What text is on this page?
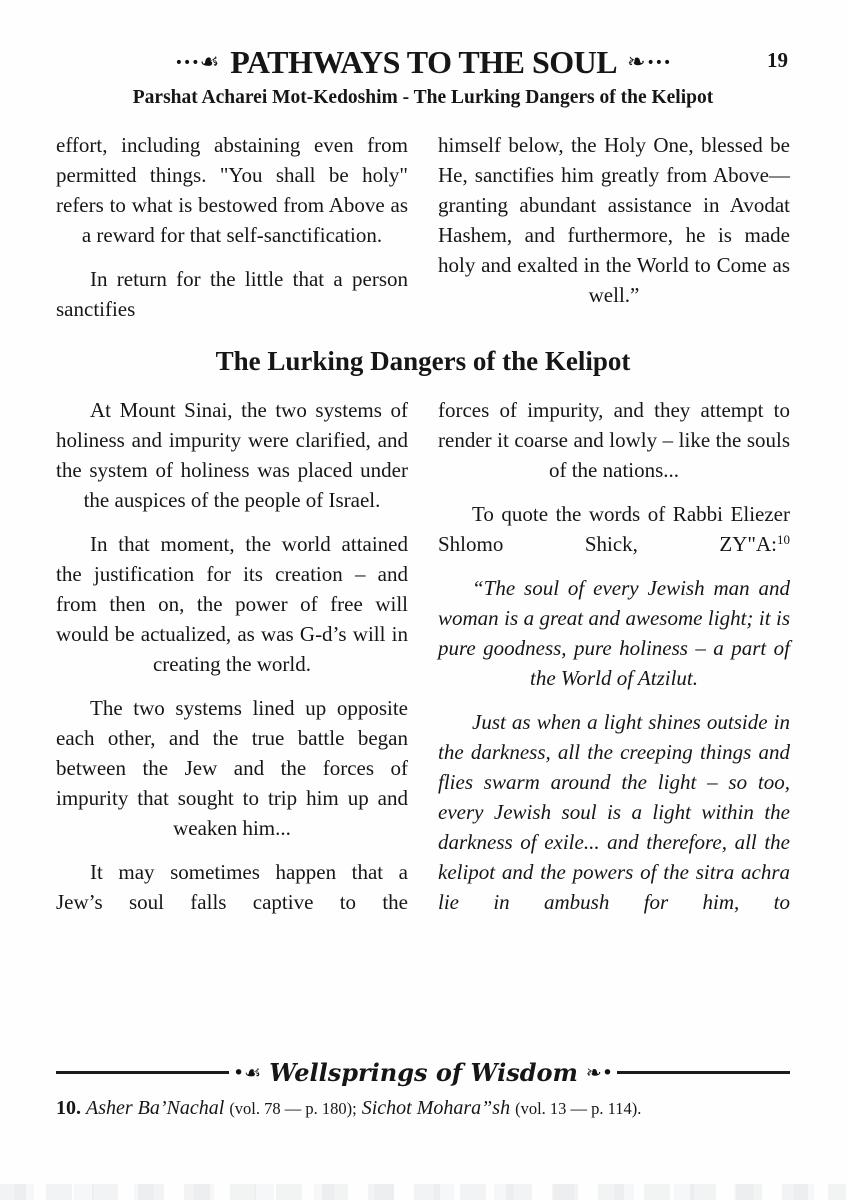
•••☙ PATHWAYS TO THE SOUL ❧•••	19
Parshat Acharei Mot-Kedoshim - The Lurking Dangers of the Kelipot

effort, including abstaining even from permitted things. "You shall be holy" refers to what is bestowed from Above as a reward for that self-sanctification.

In return for the little that a person sanctifies

himself below, the Holy One, blessed be He, sanctifies him greatly from Above—granting abundant assistance in Avodat Hashem, and furthermore, he is made holy and exalted in the World to Come as well.”

The Lurking Dangers of the Kelipot

At Mount Sinai, the two systems of holiness and impurity were clarified, and the system of holiness was placed under the auspices of the people of Israel.

In that moment, the world attained the justification for its creation – and from then on, the power of free will would be actualized, as was G-d’s will in creating the world.

The two systems lined up opposite each other, and the true battle began between the Jew and the forces of impurity that sought to trip him up and weaken him...

It may sometimes happen that a Jew’s soul falls captive to the

forces of impurity, and they attempt to render it coarse and lowly – like the souls of the nations...

To quote the words of Rabbi Eliezer Shlomo Shick, ZY"A:$^{10}$

“The soul of every Jewish man and woman is a great and awesome light; it is pure goodness, pure holiness – a part of the World of Atzilut.

Just as when a light shines outside in the darkness, all the creeping things and flies swarm around the light – so too, every Jewish soul is a light within the darkness of exile... and therefore, all the kelipot and the powers of the sitra achra lie in ambush for him, to

•☙ Wellsprings of Wisdom ❧•

10. Asher Ba’Nachal (vol. 78 — p. 180); Sichot Mohara”sh (vol. 13 — p. 114).
